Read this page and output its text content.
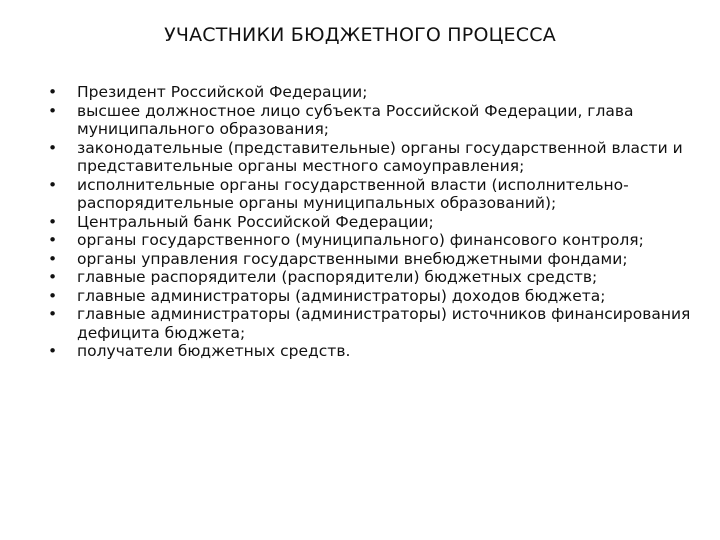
УЧАСТНИКИ БЮДЖЕТНОГО ПРОЦЕССА
• Президент Российской Федерации;
• высшее должностное лицо субъекта Российской Федерации, глава муниципального образования;
• законодательные (представительные) органы государственной власти и представительные органы местного самоуправления;
• исполнительные органы государственной власти (исполнительно-распорядительные органы муниципальных образований);
• Центральный банк Российской Федерации;
• органы государственного (муниципального) финансового контроля;
• органы управления государственными внебюджетными фондами;
• главные распорядители (распорядители) бюджетных средств;
• главные администраторы (администраторы) доходов бюджета;
• главные администраторы (администраторы) источников финансирования дефицита бюджета;
• получатели бюджетных средств.
